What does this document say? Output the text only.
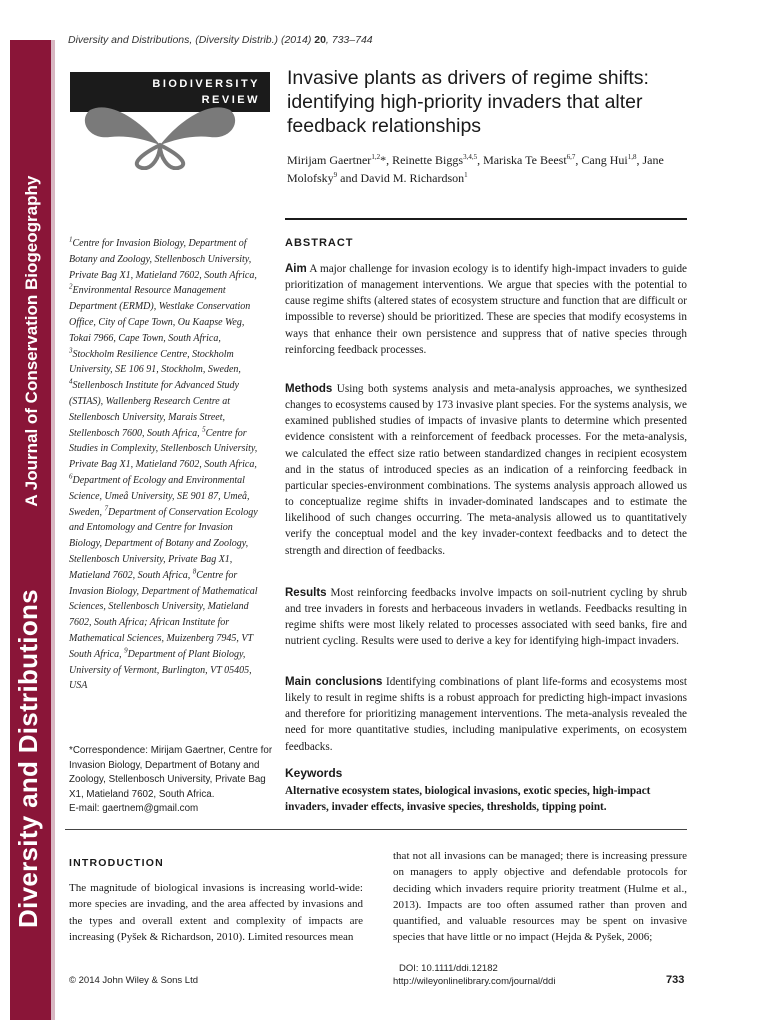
Diversity and Distributions A Journal of Conservation Biogeography
Diversity and Distributions, (Diversity Distrib.) (2014) 20, 733–744
BIODIVERSITY
REVIEW
Invasive plants as drivers of regime shifts: identifying high-priority invaders that alter feedback relationships
Mirijam Gaertner$^{1,2}$*, Reinette Biggs$^{3,4,5}$, Mariska Te Beest$^{6,7}$, Cang Hui$^{1,8}$, Jane Molofsky$^9$ and David M. Richardson$^1$
$^1$Centre for Invasion Biology, Department of Botany and Zoology, Stellenbosch University, Private Bag X1, Matieland 7602, South Africa, $^2$Environmental Resource Management Department (ERMD), Westlake Conservation Office, City of Cape Town, Ou Kaapse Weg, Tokai 7966, Cape Town, South Africa, $^3$Stockholm Resilience Centre, Stockholm University, SE 106 91, Stockholm, Sweden, $^4$Stellenbosch Institute for Advanced Study (STIAS), Wallenberg Research Centre at Stellenbosch University, Marais Street, Stellenbosch 7600, South Africa, $^5$Centre for Studies in Complexity, Stellenbosch University, Private Bag X1, Matieland 7602, South Africa, $^6$Department of Ecology and Environmental Science, Umeå University, SE 901 87, Umeå, Sweden, $^7$Department of Conservation Ecology and Entomology and Centre for Invasion Biology, Department of Botany and Zoology, Stellenbosch University, Private Bag X1, Matieland 7602, South Africa, $^8$Centre for Invasion Biology, Department of Mathematical Sciences, Stellenbosch University, Matieland 7602, South Africa; African Institute for Mathematical Sciences, Muizenberg 7945, VT South Africa, $^9$Department of Plant Biology, University of Vermont, Burlington, VT 05405, USA
*Correspondence: Mirijam Gaertner, Centre for Invasion Biology, Department of Botany and Zoology, Stellenbosch University, Private Bag X1, Matieland 7602, South Africa.
E-mail: gaertnem@gmail.com
ABSTRACT
Aim A major challenge for invasion ecology is to identify high-impact invaders to guide prioritization of management interventions. We argue that species with the potential to cause regime shifts (altered states of ecosystem structure and function that are difficult or impossible to reverse) should be prioritized. These are species that modify ecosystems in ways that enhance their own persistence and suppress that of native species through reinforcing feedback processes.
Methods Using both systems analysis and meta-analysis approaches, we synthesized changes to ecosystems caused by 173 invasive plant species. For the systems analysis, we examined published studies of impacts of invasive plants to determine which presented evidence consistent with a reinforcement of feedback processes. For the meta-analysis, we calculated the effect size ratio between standardized changes in recipient ecosystem and in the status of introduced species as an indication of a reinforcing feedback in particular species-environment combinations. The systems analysis approach allowed us to conceptualize regime shifts in invader-dominated landscapes and to estimate the likelihood of such changes occurring. The meta-analysis allowed us to quantitatively verify the conceptual model and the key invader-context feedbacks and to detect the strength and direction of feedbacks.
Results Most reinforcing feedbacks involve impacts on soil-nutrient cycling by shrub and tree invaders in forests and herbaceous invaders in wetlands. Feedbacks resulting in regime shifts were most likely related to processes associated with seed banks, fire and nutrient cycling. Results were used to derive a key for identifying high-impact invaders.
Main conclusions Identifying combinations of plant life-forms and ecosystems most likely to result in regime shifts is a robust approach for predicting high-impact invasions and therefore for prioritizing management interventions. The meta-analysis revealed the need for more quantitative studies, including manipulative experiments, on ecosystem feedbacks.
Keywords
Alternative ecosystem states, biological invasions, exotic species, high-impact invaders, invader effects, invasive species, thresholds, tipping point.
INTRODUCTION
The magnitude of biological invasions is increasing world-wide: more species are invading, and the area affected by invasions and the types and overall extent and complexity of impacts are increasing (Pyšek & Richardson, 2010). Limited resources mean
that not all invasions can be managed; there is increasing pressure on managers to apply objective and defendable protocols for deciding which invaders require priority treatment (Hulme et al., 2013). Impacts are too often assumed rather than proven and quantified, and valuable resources may be spent on invasive species that have little or no impact (Hejda & Pyšek, 2006;
© 2014 John Wiley & Sons Ltd
DOI: 10.1111/ddi.12182
http://wileyonlinelibrary.com/journal/ddi	733
